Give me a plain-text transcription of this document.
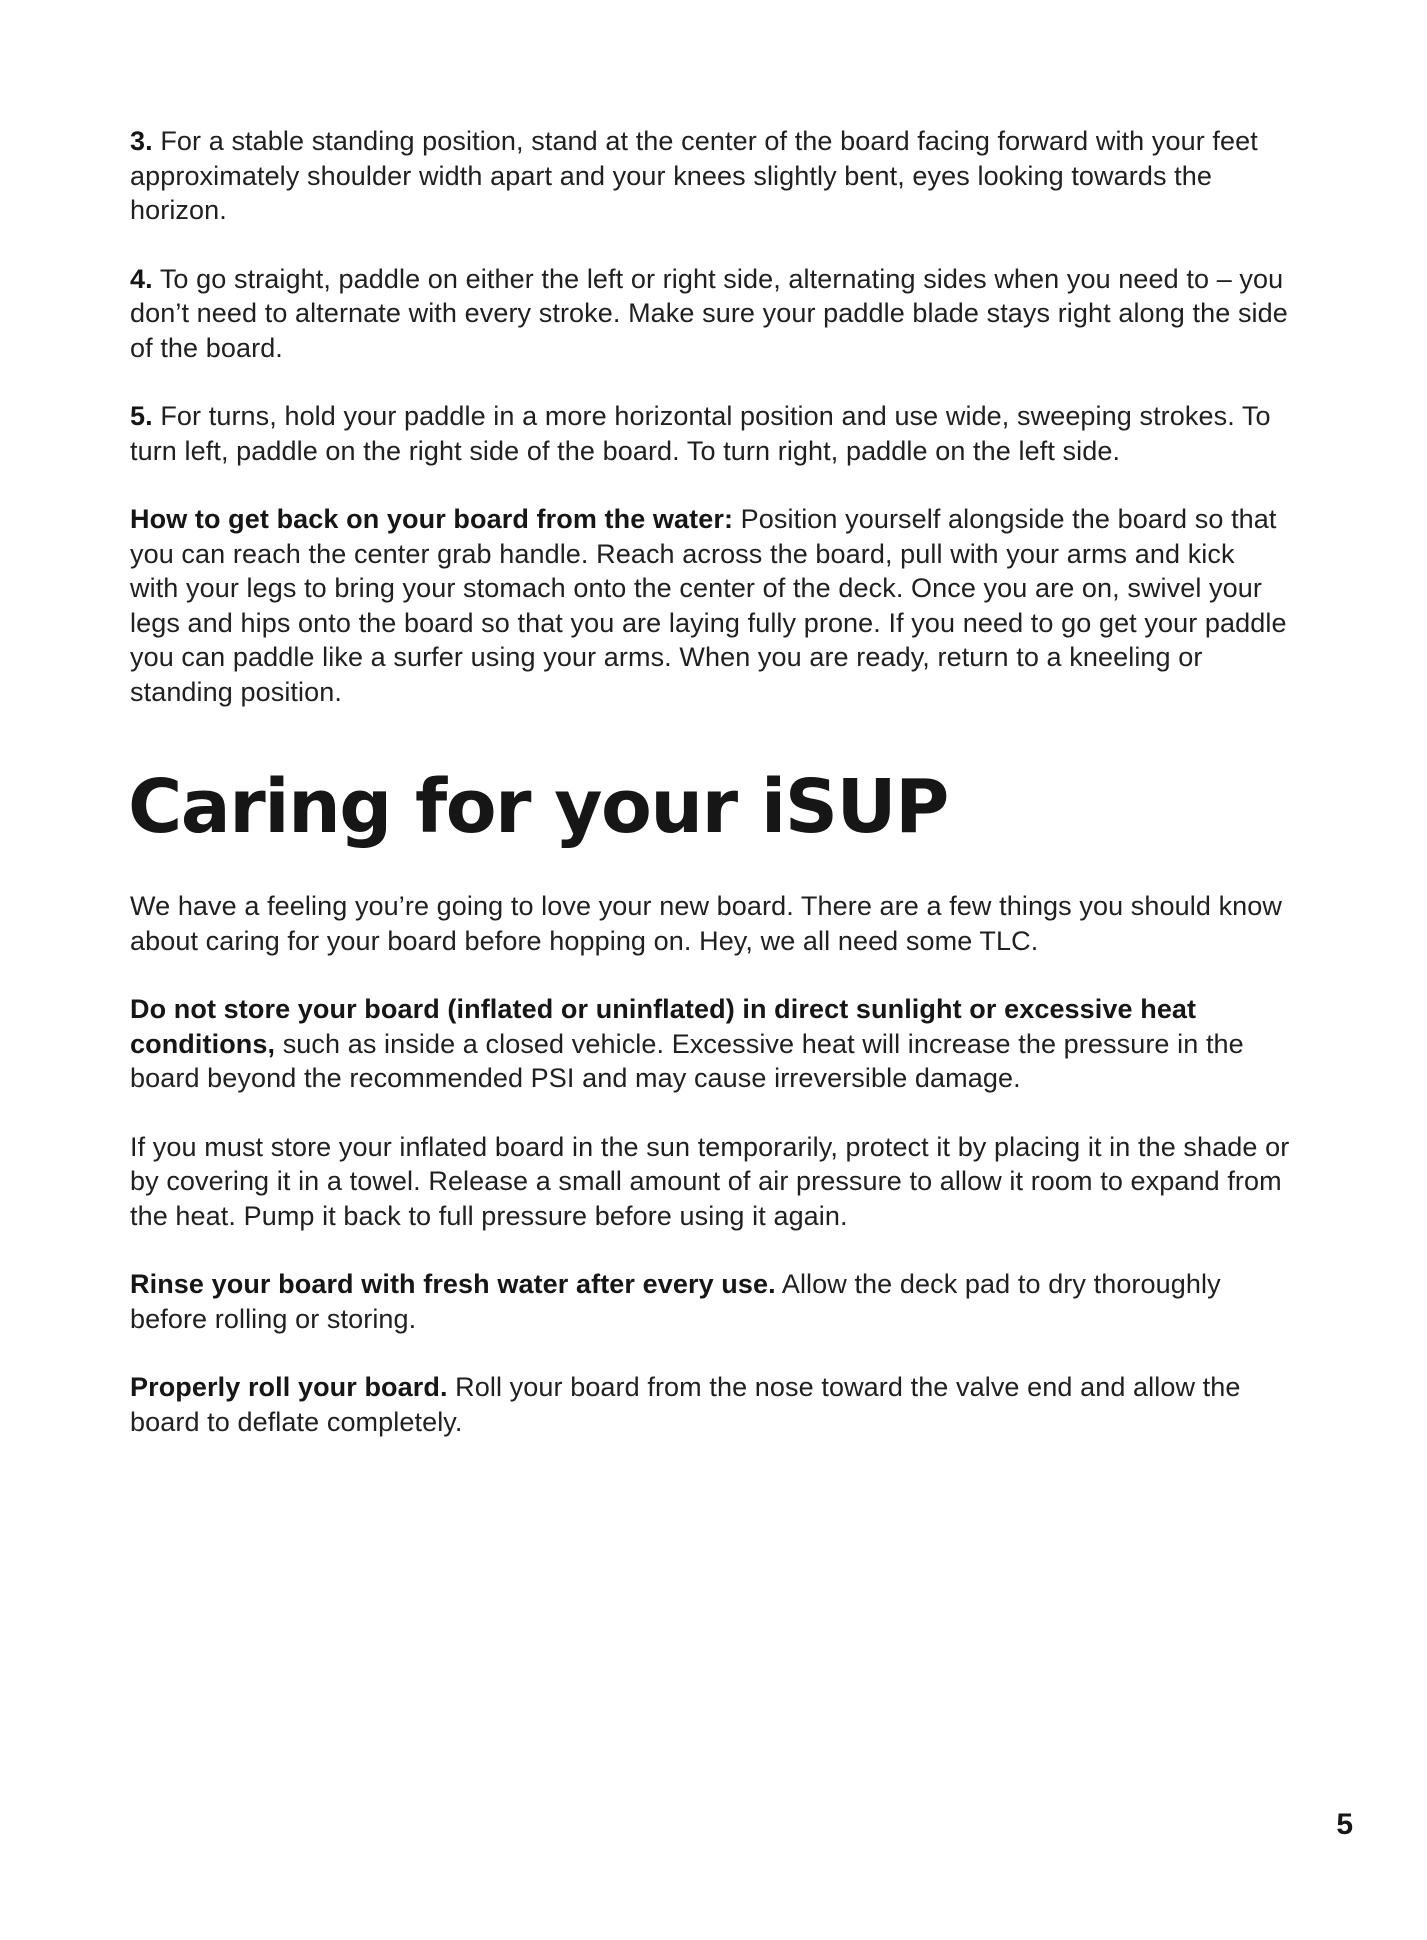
3. For a stable standing position, stand at the center of the board facing forward with your feet approximately shoulder width apart and your knees slightly bent, eyes looking towards the horizon.

4. To go straight, paddle on either the left or right side, alternating sides when you need to – you don’t need to alternate with every stroke. Make sure your paddle blade stays right along the side of the board.

5. For turns, hold your paddle in a more horizontal position and use wide, sweeping strokes. To turn left, paddle on the right side of the board. To turn right, paddle on the left side.

How to get back on your board from the water: Position yourself alongside the board so that you can reach the center grab handle. Reach across the board, pull with your arms and kick with your legs to bring your stomach onto the center of the deck. Once you are on, swivel your legs and hips onto the board so that you are laying fully prone. If you need to go get your paddle you can paddle like a surfer using your arms. When you are ready, return to a kneeling or standing position.

Caring for your iSUP

We have a feeling you’re going to love your new board. There are a few things you should know about caring for your board before hopping on. Hey, we all need some TLC.

Do not store your board (inflated or uninflated) in direct sunlight or excessive heat conditions, such as inside a closed vehicle. Excessive heat will increase the pressure in the board beyond the recommended PSI and may cause irreversible damage.

If you must store your inflated board in the sun temporarily, protect it by placing it in the shade or by covering it in a towel. Release a small amount of air pressure to allow it room to expand from the heat. Pump it back to full pressure before using it again.

Rinse your board with fresh water after every use. Allow the deck pad to dry thoroughly before rolling or storing.

Properly roll your board. Roll your board from the nose toward the valve end and allow the board to deflate completely.

5
